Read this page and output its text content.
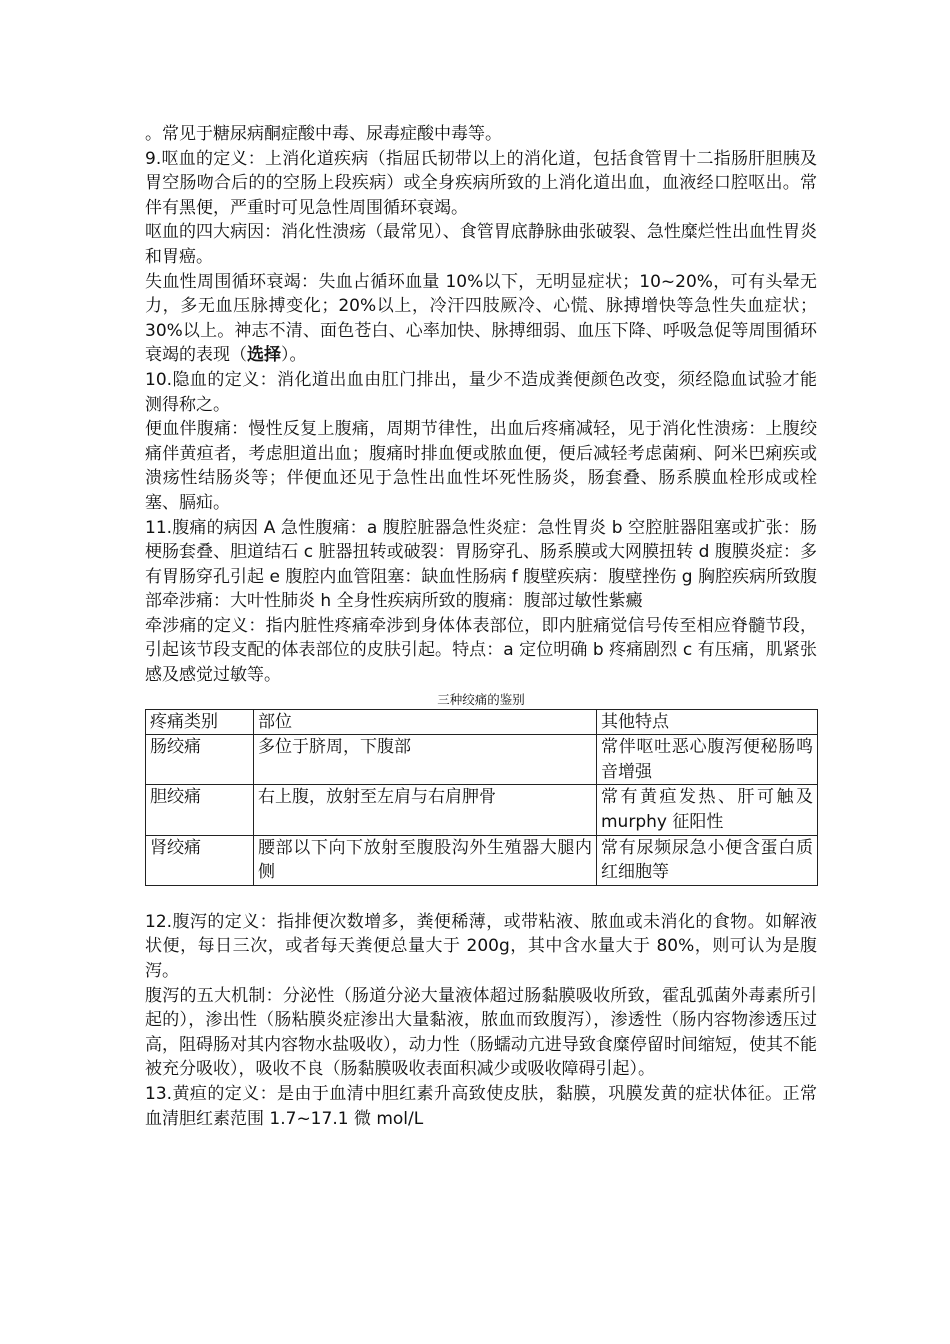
。常见于糖尿病酮症酸中毒、尿毒症酸中毒等。

9.呕血的定义：上消化道疾病（指屈氏韧带以上的消化道，包括食管胃十二指肠肝胆胰及胃空肠吻合后的的空肠上段疾病）或全身疾病所致的上消化道出血，血液经口腔呕出。常伴有黑便，严重时可见急性周围循环衰竭。

呕血的四大病因：消化性溃疡（最常见）、食管胃底静脉曲张破裂、急性糜烂性出血性胃炎和胃癌。

失血性周围循环衰竭：失血占循环血量 10%以下，无明显症状；10~20%，可有头晕无力，多无血压脉搏变化；20%以上，冷汗四肢厥冷、心慌、脉搏增快等急性失血症状；30%以上。神志不清、面色苍白、心率加快、脉搏细弱、血压下降、呼吸急促等周围循环衰竭的表现（选择）。

10.隐血的定义：消化道出血由肛门排出，量少不造成粪便颜色改变，须经隐血试验才能测得称之。

便血伴腹痛：慢性反复上腹痛，周期节律性，出血后疼痛减轻，见于消化性溃疡：上腹绞痛伴黄疸者，考虑胆道出血；腹痛时排血便或脓血便，便后减轻考虑菌痢、阿米巴痢疾或溃疡性结肠炎等；伴便血还见于急性出血性坏死性肠炎，肠套叠、肠系膜血栓形成或栓塞、膈疝。

11.腹痛的病因 A 急性腹痛：a 腹腔脏器急性炎症：急性胃炎 b 空腔脏器阻塞或扩张：肠梗肠套叠、胆道结石 c 脏器扭转或破裂：胃肠穿孔、肠系膜或大网膜扭转 d 腹膜炎症：多有胃肠穿孔引起 e 腹腔内血管阻塞：缺血性肠病 f 腹壁疾病：腹壁挫伤 g 胸腔疾病所致腹部牵涉痛：大叶性肺炎 h 全身性疾病所致的腹痛：腹部过敏性紫癜

牵涉痛的定义：指内脏性疼痛牵涉到身体体表部位，即内脏痛觉信号传至相应脊髓节段，引起该节段支配的体表部位的皮肤引起。特点：a 定位明确 b 疼痛剧烈 c 有压痛，肌紧张感及感觉过敏等。

三种绞痛的鉴别
疼痛类别	部位	其他特点
肠绞痛	多位于脐周，下腹部	常伴呕吐恶心腹泻便秘肠鸣音增强
胆绞痛	右上腹，放射至左肩与右肩胛骨	常有黄疸发热、肝可触及 murphy 征阳性
肾绞痛	腰部以下向下放射至腹股沟外生殖器大腿内侧	常有尿频尿急小便含蛋白质红细胞等

12.腹泻的定义：指排便次数增多，粪便稀薄，或带粘液、脓血或未消化的食物。如解液状便，每日三次，或者每天粪便总量大于 200g，其中含水量大于 80%，则可认为是腹泻。

腹泻的五大机制：分泌性（肠道分泌大量液体超过肠黏膜吸收所致，霍乱弧菌外毒素所引起的），渗出性（肠粘膜炎症渗出大量黏液，脓血而致腹泻），渗透性（肠内容物渗透压过高，阻碍肠对其内容物水盐吸收），动力性（肠蠕动亢进导致食糜停留时间缩短，使其不能被充分吸收），吸收不良（肠黏膜吸收表面积减少或吸收障碍引起）。

13.黄疸的定义：是由于血清中胆红素升高致使皮肤，黏膜，巩膜发黄的症状体征。正常血清胆红素范围 1.7~17.1 微 mol/L
